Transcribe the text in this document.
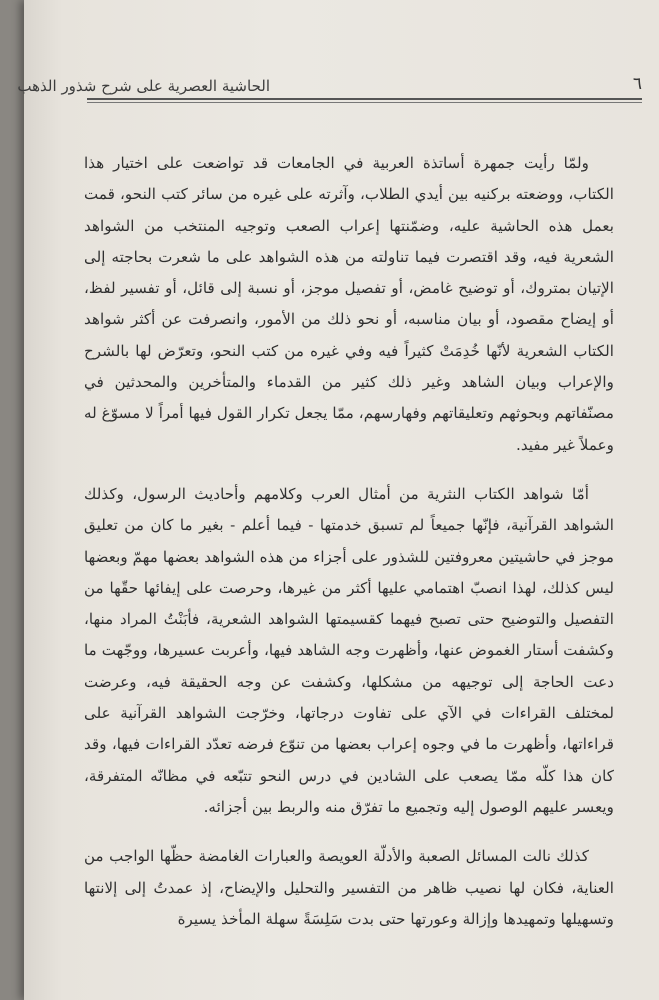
٦
الحاشية العصرية على شرح شذور الذهب

ولمّا رأيت جمهرة أساتذة العربية في الجامعات قد تواضعت على اختيار هذا الكتاب، ووضعته بركنيه بين أيدي الطلاب، وآثرته على غيره من سائر كتب النحو، قمت بعمل هذه الحاشية عليه، وضمّنتها إعراب الصعب وتوجيه المنتخب من الشواهد الشعرية فيه، وقد اقتصرت فيما تناولته من هذه الشواهد على ما شعرت بحاجته إلى الإتيان بمتروك، أو توضيح غامض، أو تفصيل موجز، أو نسبة إلى قائل، أو تفسير لفظ، أو إيضاح مقصود، أو بيان مناسبه، أو نحو ذلك من الأمور، وانصرفت عن أكثر شواهد الكتاب الشعرية لأنّها خُدِمَتْ كثيراً فيه وفي غيره من كتب النحو، وتعرّض لها بالشرح والإعراب وبيان الشاهد وغير ذلك كثير من القدماء والمتأخرين والمحدثين في مصنّفاتهم وبحوثهم وتعليقاتهم وفهارسهم، ممّا يجعل تكرار القول فيها أمراً لا مسوّغ له وعملاً غير مفيد.

أمّا شواهد الكتاب النثرية من أمثال العرب وكلامهم وأحاديث الرسول، وكذلك الشواهد القرآنية، فإنّها جميعاً لم تسبق خدمتها - فيما أعلم - بغير ما كان من تعليق موجز في حاشيتين معروفتين للشذور على أجزاء من هذه الشواهد بعضها مهمّ وبعضها ليس كذلك، لهذا انصبّ اهتمامي عليها أكثر من غيرها، وحرصت على إيفائها حقّها من التفصيل والتوضيح حتى تصبح فيهما كقسيمتها الشواهد الشعرية، فأبَنْتُ المراد منها، وكشفت أستار الغموض عنها، وأظهرت وجه الشاهد فيها، وأعربت عسيرها، ووجّهت ما دعت الحاجة إلى توجيهه من مشكلها، وكشفت عن وجه الحقيقة فيه، وعرضت لمختلف القراءات في الآي على تفاوت درجاتها، وخرّجت الشواهد القرآنية على قراءاتها، وأظهرت ما في وجوه إعراب بعضها من تنوّع فرضه تعدّد القراءات فيها، وقد كان هذا كلّه ممّا يصعب على الشادين في درس النحو تتبّعه في مظانّه المتفرقة، ويعسر عليهم الوصول إليه وتجميع ما تفرّق منه والربط بين أجزائه.

كذلك نالت المسائل الصعبة والأدلّة العويصة والعبارات الغامضة حظّها الواجب من العناية، فكان لها نصيب ظاهر من التفسير والتحليل والإيضاح، إذ عمدتُ إلى إلانتها وتسهيلها وتمهيدها وإزالة وعورتها حتى بدت سَلِسَةً سهلة المأخذ يسيرة
